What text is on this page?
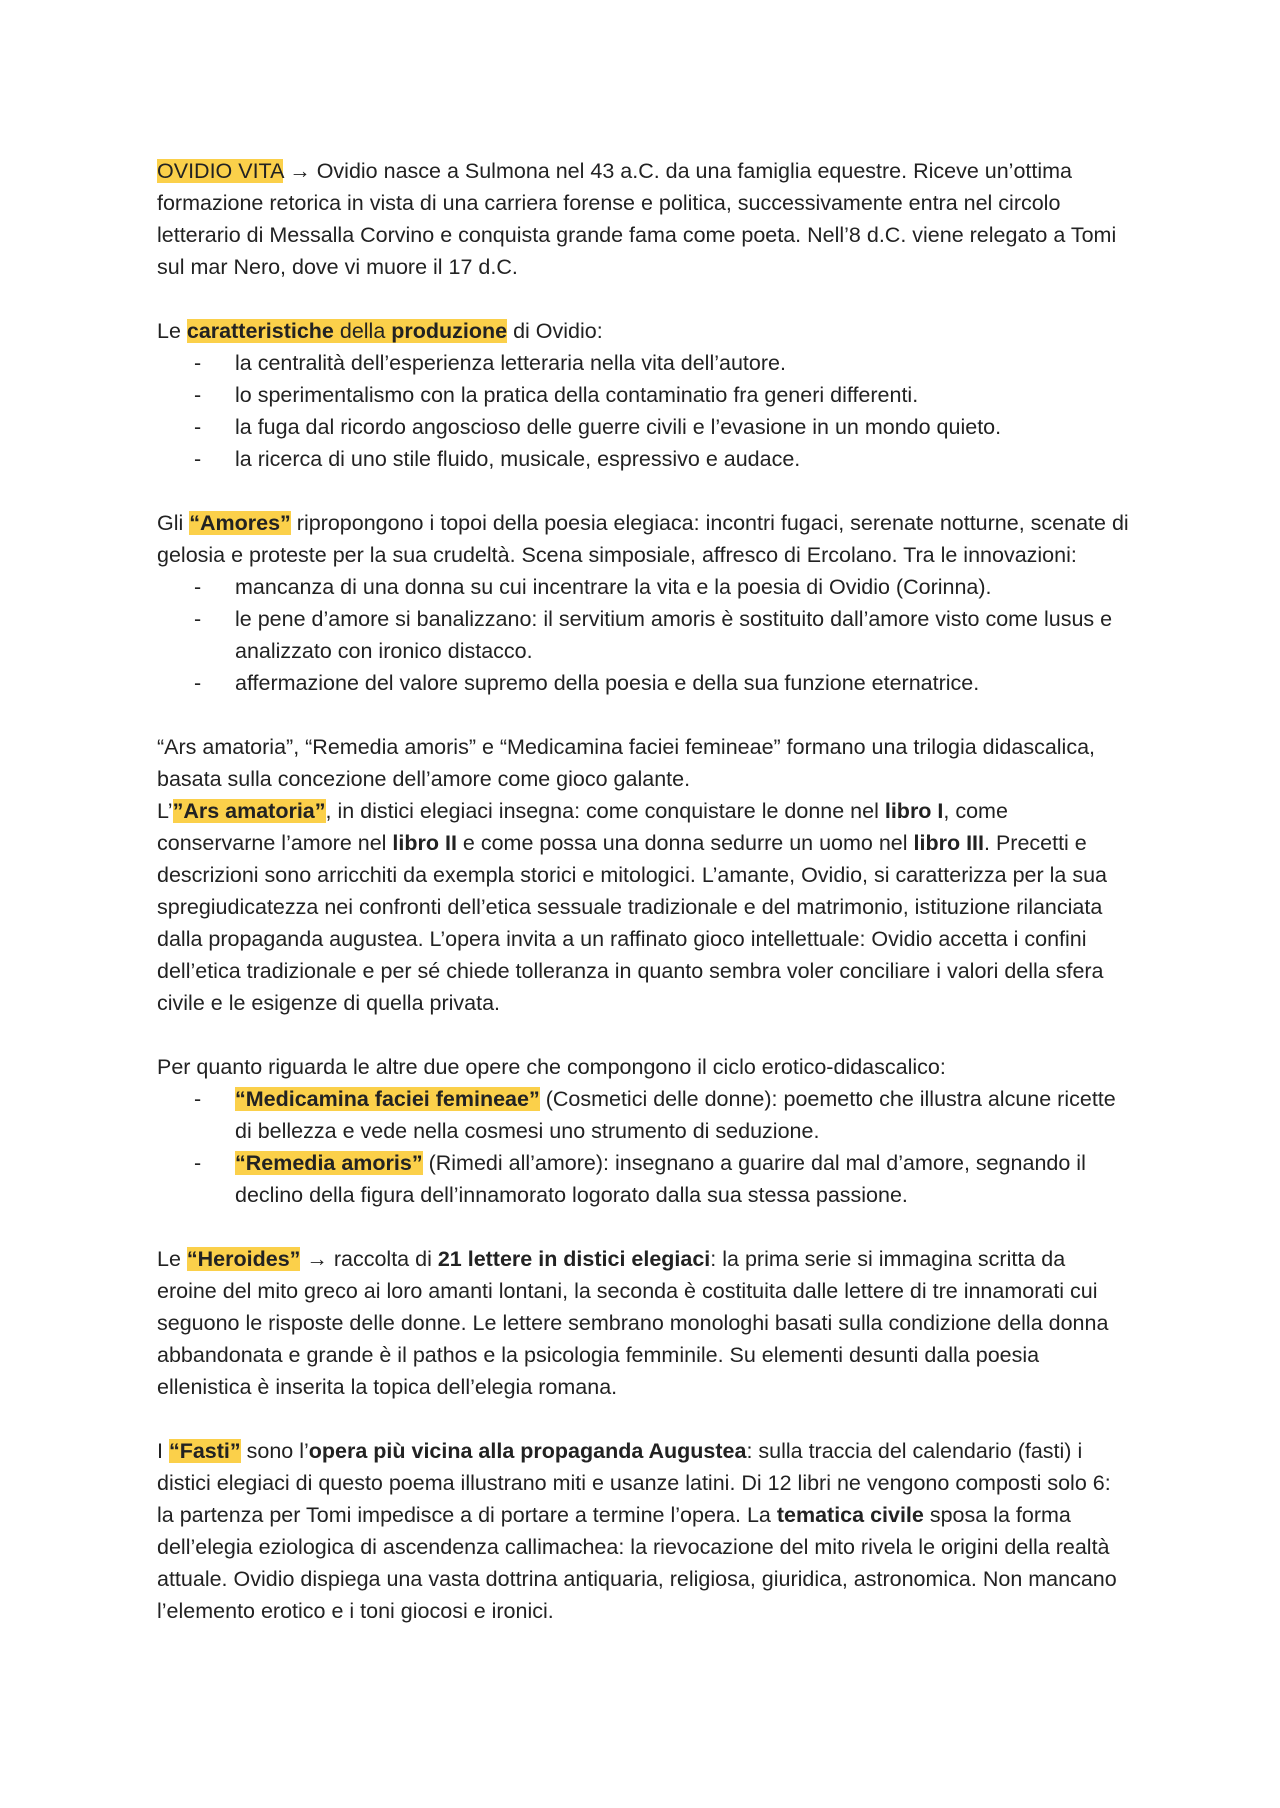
OVIDIO VITA → Ovidio nasce a Sulmona nel 43 a.C. da una famiglia equestre. Riceve un’ottima formazione retorica in vista di una carriera forense e politica, successivamente entra nel circolo letterario di Messalla Corvino e conquista grande fama come poeta. Nell’8 d.C. viene relegato a Tomi sul mar Nero, dove vi muore il 17 d.C.

Le caratteristiche della produzione di Ovidio:

- la centralità dell’esperienza letteraria nella vita dell’autore.
- lo sperimentalismo con la pratica della contaminatio fra generi differenti.
- la fuga dal ricordo angoscioso delle guerre civili e l’evasione in un mondo quieto.
- la ricerca di uno stile fluido, musicale, espressivo e audace.

Gli “Amores” ripropongono i topoi della poesia elegiaca: incontri fugaci, serenate notturne, scenate di gelosia e proteste per la sua crudeltà. Scena simposiale, affresco di Ercolano. Tra le innovazioni:

- mancanza di una donna su cui incentrare la vita e la poesia di Ovidio (Corinna).
- le pene d’amore si banalizzano: il servitium amoris è sostituito dall’amore visto come lusus e analizzato con ironico distacco.
- affermazione del valore supremo della poesia e della sua funzione eternatrice.

“Ars amatoria”, “Remedia amoris” e “Medicamina faciei femineae” formano una trilogia didascalica, basata sulla concezione dell’amore come gioco galante.

L’”Ars amatoria”, in distici elegiaci insegna: come conquistare le donne nel libro I, come conservarne l’amore nel libro II e come possa una donna sedurre un uomo nel libro III. Precetti e descrizioni sono arricchiti da exempla storici e mitologici. L’amante, Ovidio, si caratterizza per la sua spregiudicatezza nei confronti dell’etica sessuale tradizionale e del matrimonio, istituzione rilanciata dalla propaganda augustea. L’opera invita a un raffinato gioco intellettuale: Ovidio accetta i confini dell’etica tradizionale e per sé chiede tolleranza in quanto sembra voler conciliare i valori della sfera civile e le esigenze di quella privata.

Per quanto riguarda le altre due opere che compongono il ciclo erotico-didascalico:

- “Medicamina faciei femineae” (Cosmetici delle donne): poemetto che illustra alcune ricette di bellezza e vede nella cosmesi uno strumento di seduzione.
- “Remedia amoris” (Rimedi all’amore): insegnano a guarire dal mal d’amore, segnando il declino della figura dell’innamorato logorato dalla sua stessa passione.

Le “Heroides” → raccolta di 21 lettere in distici elegiaci: la prima serie si immagina scritta da eroine del mito greco ai loro amanti lontani, la seconda è costituita dalle lettere di tre innamorati cui seguono le risposte delle donne. Le lettere sembrano monologhi basati sulla condizione della donna abbandonata e grande è il pathos e la psicologia femminile. Su elementi desunti dalla poesia ellenistica è inserita la topica dell’elegia romana.

I “Fasti” sono l’opera più vicina alla propaganda Augustea: sulla traccia del calendario (fasti) i distici elegiaci di questo poema illustrano miti e usanze latini. Di 12 libri ne vengono composti solo 6: la partenza per Tomi impedisce a di portare a termine l’opera. La tematica civile sposa la forma dell’elegia eziologica di ascendenza callimachea: la rievocazione del mito rivela le origini della realtà attuale. Ovidio dispiega una vasta dottrina antiquaria, religiosa, giuridica, astronomica. Non mancano l’elemento erotico e i toni giocosi e ironici.
